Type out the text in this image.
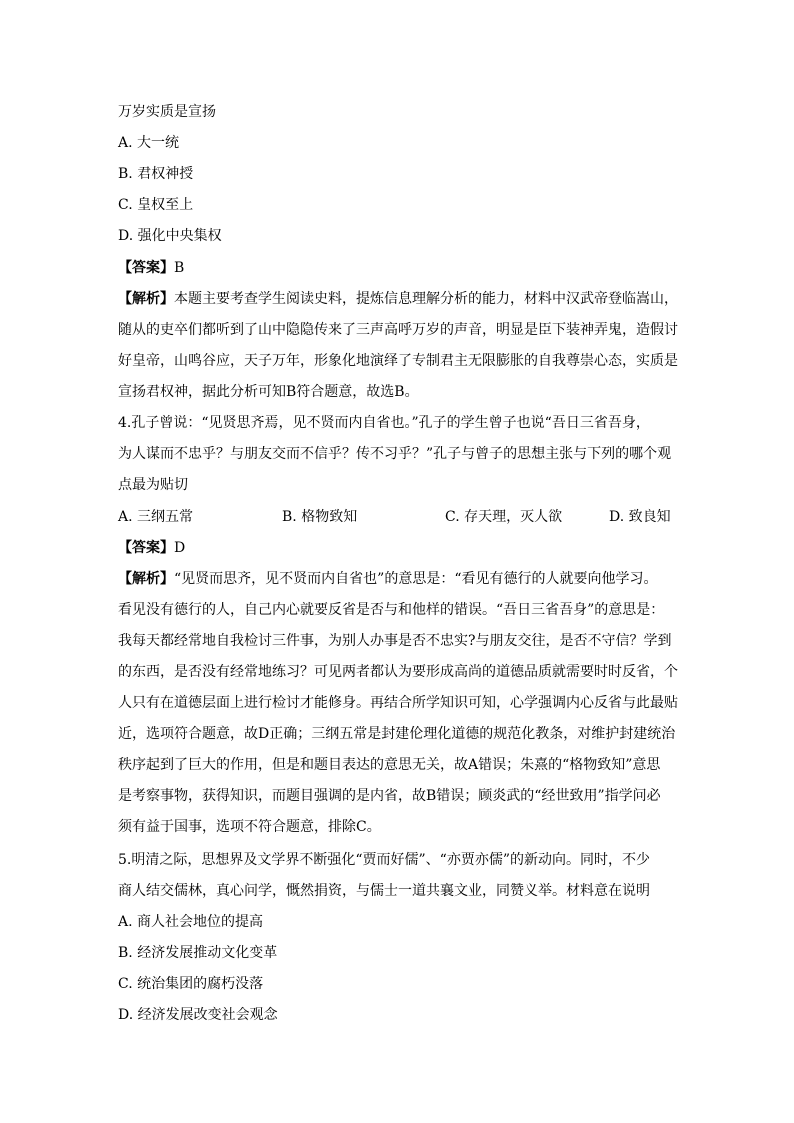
万岁实质是宣扬
A. 大一统
B. 君权神授
C. 皇权至上
D. 强化中央集权
【答案】B
【解析】本题主要考查学生阅读史料，提炼信息理解分析的能力，材料中汉武帝登临嵩山，
随从的吏卒们都听到了山中隐隐传来了三声高呼万岁的声音，明显是臣下装神弄鬼，造假讨
好皇帝，山鸣谷应，天子万年，形象化地演绎了专制君主无限膨胀的自我尊崇心态，实质是
宣扬君权神，据此分析可知B符合题意，故选B。
4.孔子曾说：“见贤思齐焉，见不贤而内自省也。”孔子的学生曾子也说“吾日三省吾身，
为人谋而不忠乎？与朋友交而不信乎？传不习乎？”孔子与曾子的思想主张与下列的哪个观
点最为贴切
A. 三纲五常	B. 格物致知	C. 存天理，灭人欲	D. 致良知
【答案】D
【解析】“见贤而思齐，见不贤而内自省也”的意思是：“看见有德行的人就要向他学习。
看见没有德行的人，自己内心就要反省是否与和他样的错误。“吾日三省吾身”的意思是：
我每天都经常地自我检讨三件事，为别人办事是否不忠实?与朋友交往，是否不守信？学到
的东西，是否没有经常地练习？可见两者都认为要形成高尚的道德品质就需要时时反省，个
人只有在道德层面上进行检讨才能修身。再结合所学知识可知，心学强调内心反省与此最贴
近，选项符合题意，故D正确；三纲五常是封建伦理化道德的规范化教条，对维护封建统治
秩序起到了巨大的作用，但是和题目表达的意思无关，故A错误；朱熹的“格物致知”意思
是考察事物，获得知识，而题目强调的是内省，故B错误；顾炎武的“经世致用”指学问必
须有益于国事，选项不符合题意，排除C。
5.明清之际，思想界及文学界不断强化“贾而好儒”、“亦贾亦儒”的新动向。同时，不少
商人结交儒林，真心问学，慨然捐资，与儒士一道共襄文业，同赞义举。材料意在说明
A. 商人社会地位的提高
B. 经济发展推动文化变革
C. 统治集团的腐朽没落
D. 经济发展改变社会观念
